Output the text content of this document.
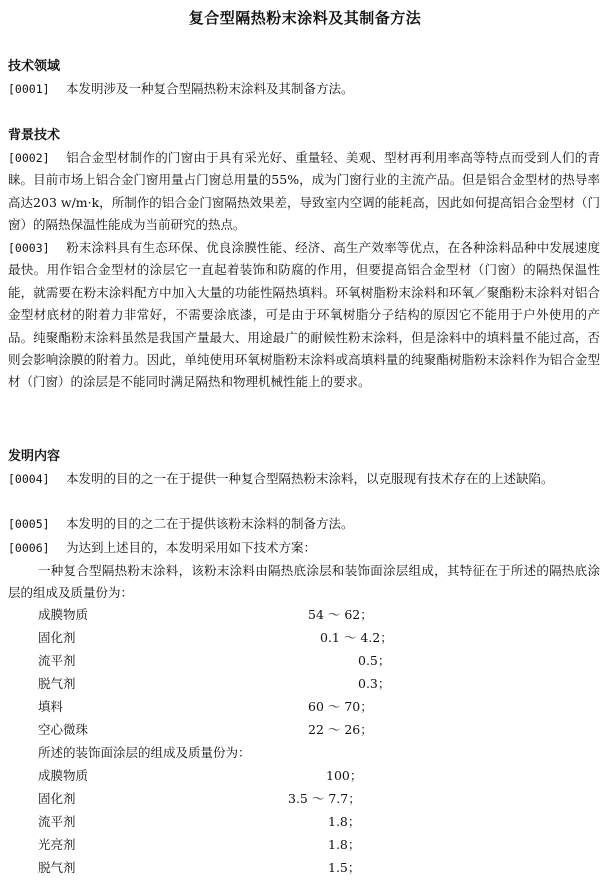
复合型隔热粉末涂料及其制备方法
技术领域

[0001] 本发明涉及一种复合型隔热粉末涂料及其制备方法。

背景技术

[0002] 铝合金型材制作的门窗由于具有采光好、重量轻、美观、型材再利用率高等特点而受到人们的青睐。目前市场上铝合金门窗用量占门窗总用量的55%，成为门窗行业的主流产品。但是铝合金型材的热导率高达203 w/m·k，所制作的铝合金门窗隔热效果差，导致室内空调的能耗高，因此如何提高铝合金型材（门窗）的隔热保温性能成为当前研究的热点。

[0003] 粉末涂料具有生态环保、优良涂膜性能、经济、高生产效率等优点，在各种涂料品种中发展速度最快。用作铝合金型材的涂层它一直起着装饰和防腐的作用，但要提高铝合金型材（门窗）的隔热保温性能，就需要在粉末涂料配方中加入大量的功能性隔热填料。环氧树脂粉末涂料和环氧／聚酯粉末涂料对铝合金型材底材的附着力非常好，不需要涂底漆，可是由于环氧树脂分子结构的原因它不能用于户外使用的产品。纯聚酯粉末涂料虽然是我国产量最大、用途最广的耐候性粉末涂料，但是涂料中的填料量不能过高，否则会影响涂膜的附着力。因此，单纯使用环氧树脂粉末涂料或高填料量的纯聚酯树脂粉末涂料作为铝合金型材（门窗）的涂层是不能同时满足隔热和物理机械性能上的要求。

发明内容

[0004] 本发明的目的之一在于提供一种复合型隔热粉末涂料，以克服现有技术存在的上述缺陷。

[0005] 本发明的目的之二在于提供该粉末涂料的制备方法。

[0006] 为达到上述目的，本发明采用如下技术方案：

一种复合型隔热粉末涂料，该粉末涂料由隔热底涂层和装饰面涂层组成，其特征在于所述的隔热底涂层的组成及质量份为：

成膜物质	54 ～ 62；
固化剂	0.1 ～ 4.2；
流平剂	0.5；
脱气剂	0.3；
填料	60 ～ 70；
空心微珠	22 ～ 26；
所述的装饰面涂层的组成及质量份为：
成膜物质	100；
固化剂	3.5 ～ 7.7；
流平剂	1.8；
光亮剂	1.8；
脱气剂	1.5；
